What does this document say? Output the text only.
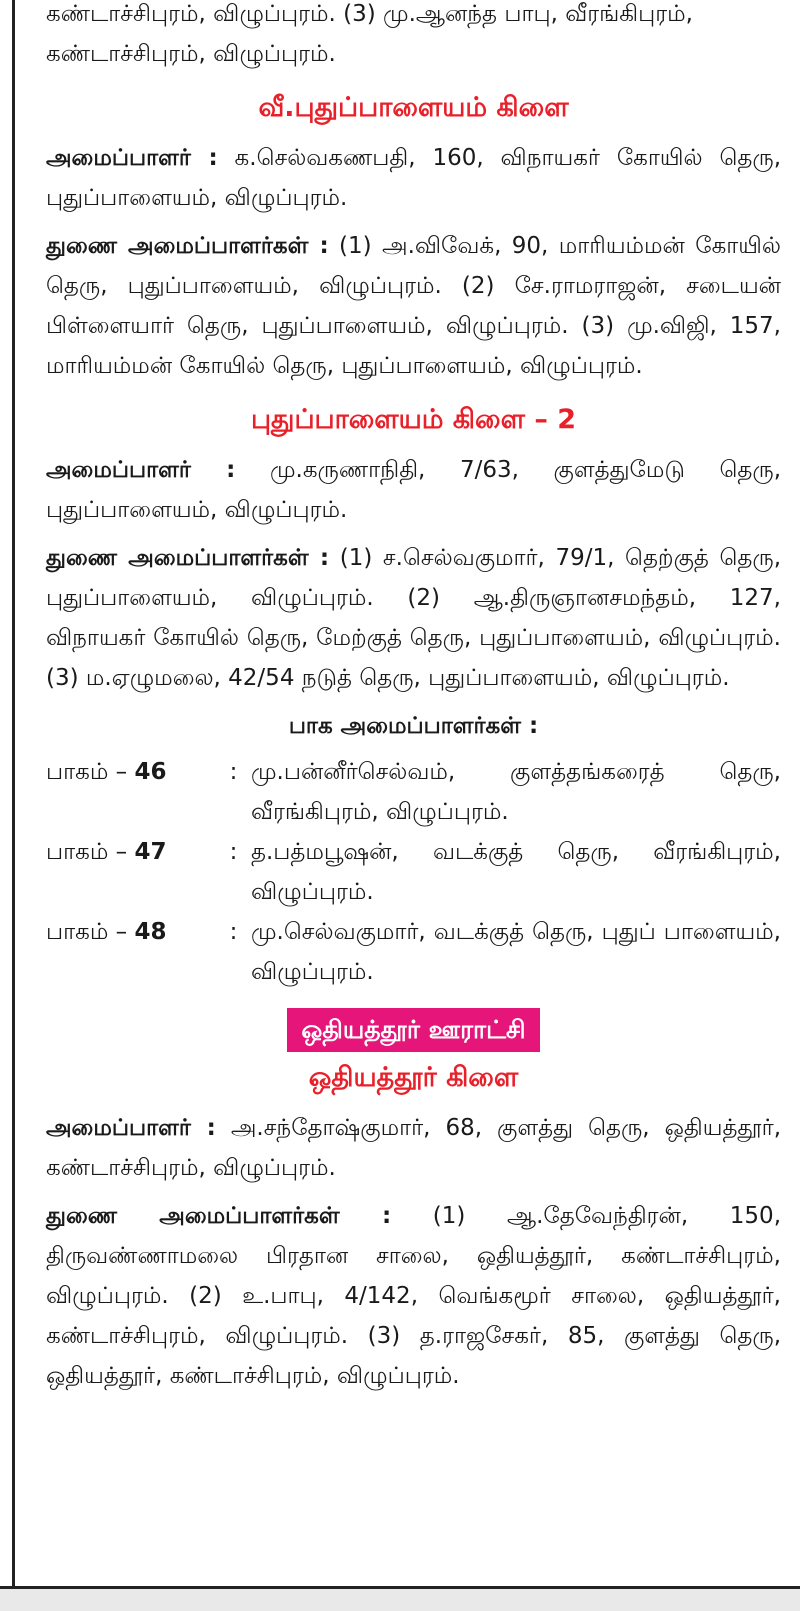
கண்டாச்சிபுரம், விழுப்புரம். (3) மு.ஆனந்த பாபு, வீரங்கிபுரம்,
கண்டாச்சிபுரம், விழுப்புரம்.

வீ.புதுப்பாளையம் கிளை

அமைப்பாளர் : க.செல்வகணபதி, 160, விநாயகர் கோயில் தெரு, புதுப்பாளையம், விழுப்புரம்.

துணை அமைப்பாளர்கள் : (1) அ.விவேக், 90, மாரியம்மன் கோயில் தெரு, புதுப்பாளையம், விழுப்புரம். (2) சே.ராமராஜன், சடையன் பிள்ளையார் தெரு, புதுப்பாளையம், விழுப்புரம். (3) மு.விஜி, 157, மாரியம்மன் கோயில் தெரு, புதுப்பாளையம், விழுப்புரம்.

புதுப்பாளையம் கிளை – 2

அமைப்பாளர் : மு.கருணாநிதி, 7/63, குளத்துமேடு தெரு, புதுப்பாளையம், விழுப்புரம்.

துணை அமைப்பாளர்கள் : (1) ச.செல்வகுமார், 79/1, தெற்குத் தெரு, புதுப்பாளையம், விழுப்புரம். (2) ஆ.திருஞானசமந்தம், 127, விநாயகர் கோயில் தெரு, மேற்குத் தெரு, புதுப்பாளையம், விழுப்புரம். (3) ம.ஏழுமலை, 42/54 நடுத் தெரு, புதுப்பாளையம், விழுப்புரம்.

பாக அமைப்பாளர்கள் :

பாகம் – 46	: மு.பன்னீர்செல்வம், குளத்தங்கரைத் தெரு, வீரங்கிபுரம், விழுப்புரம்.
பாகம் – 47	: த.பத்மபூஷன், வடக்குத் தெரு, வீரங்கிபுரம், விழுப்புரம்.
பாகம் – 48	: மு.செல்வகுமார், வடக்குத் தெரு, புதுப் பாளையம், விழுப்புரம்.
ஒதியத்தூர் ஊராட்சி

ஒதியத்தூர் கிளை

அமைப்பாளர் : அ.சந்தோஷ்குமார், 68, குளத்து தெரு, ஒதியத்தூர், கண்டாச்சிபுரம், விழுப்புரம்.

துணை அமைப்பாளர்கள் : (1) ஆ.தேவேந்திரன், 150, திருவண்ணாமலை பிரதான சாலை, ஒதியத்தூர், கண்டாச்சிபுரம், விழுப்புரம். (2) உ.பாபு, 4/142, வெங்கமூர் சாலை, ஒதியத்தூர், கண்டாச்சிபுரம், விழுப்புரம். (3) த.ராஜசேகர், 85, குளத்து தெரு, ஒதியத்தூர், கண்டாச்சிபுரம், விழுப்புரம்.
